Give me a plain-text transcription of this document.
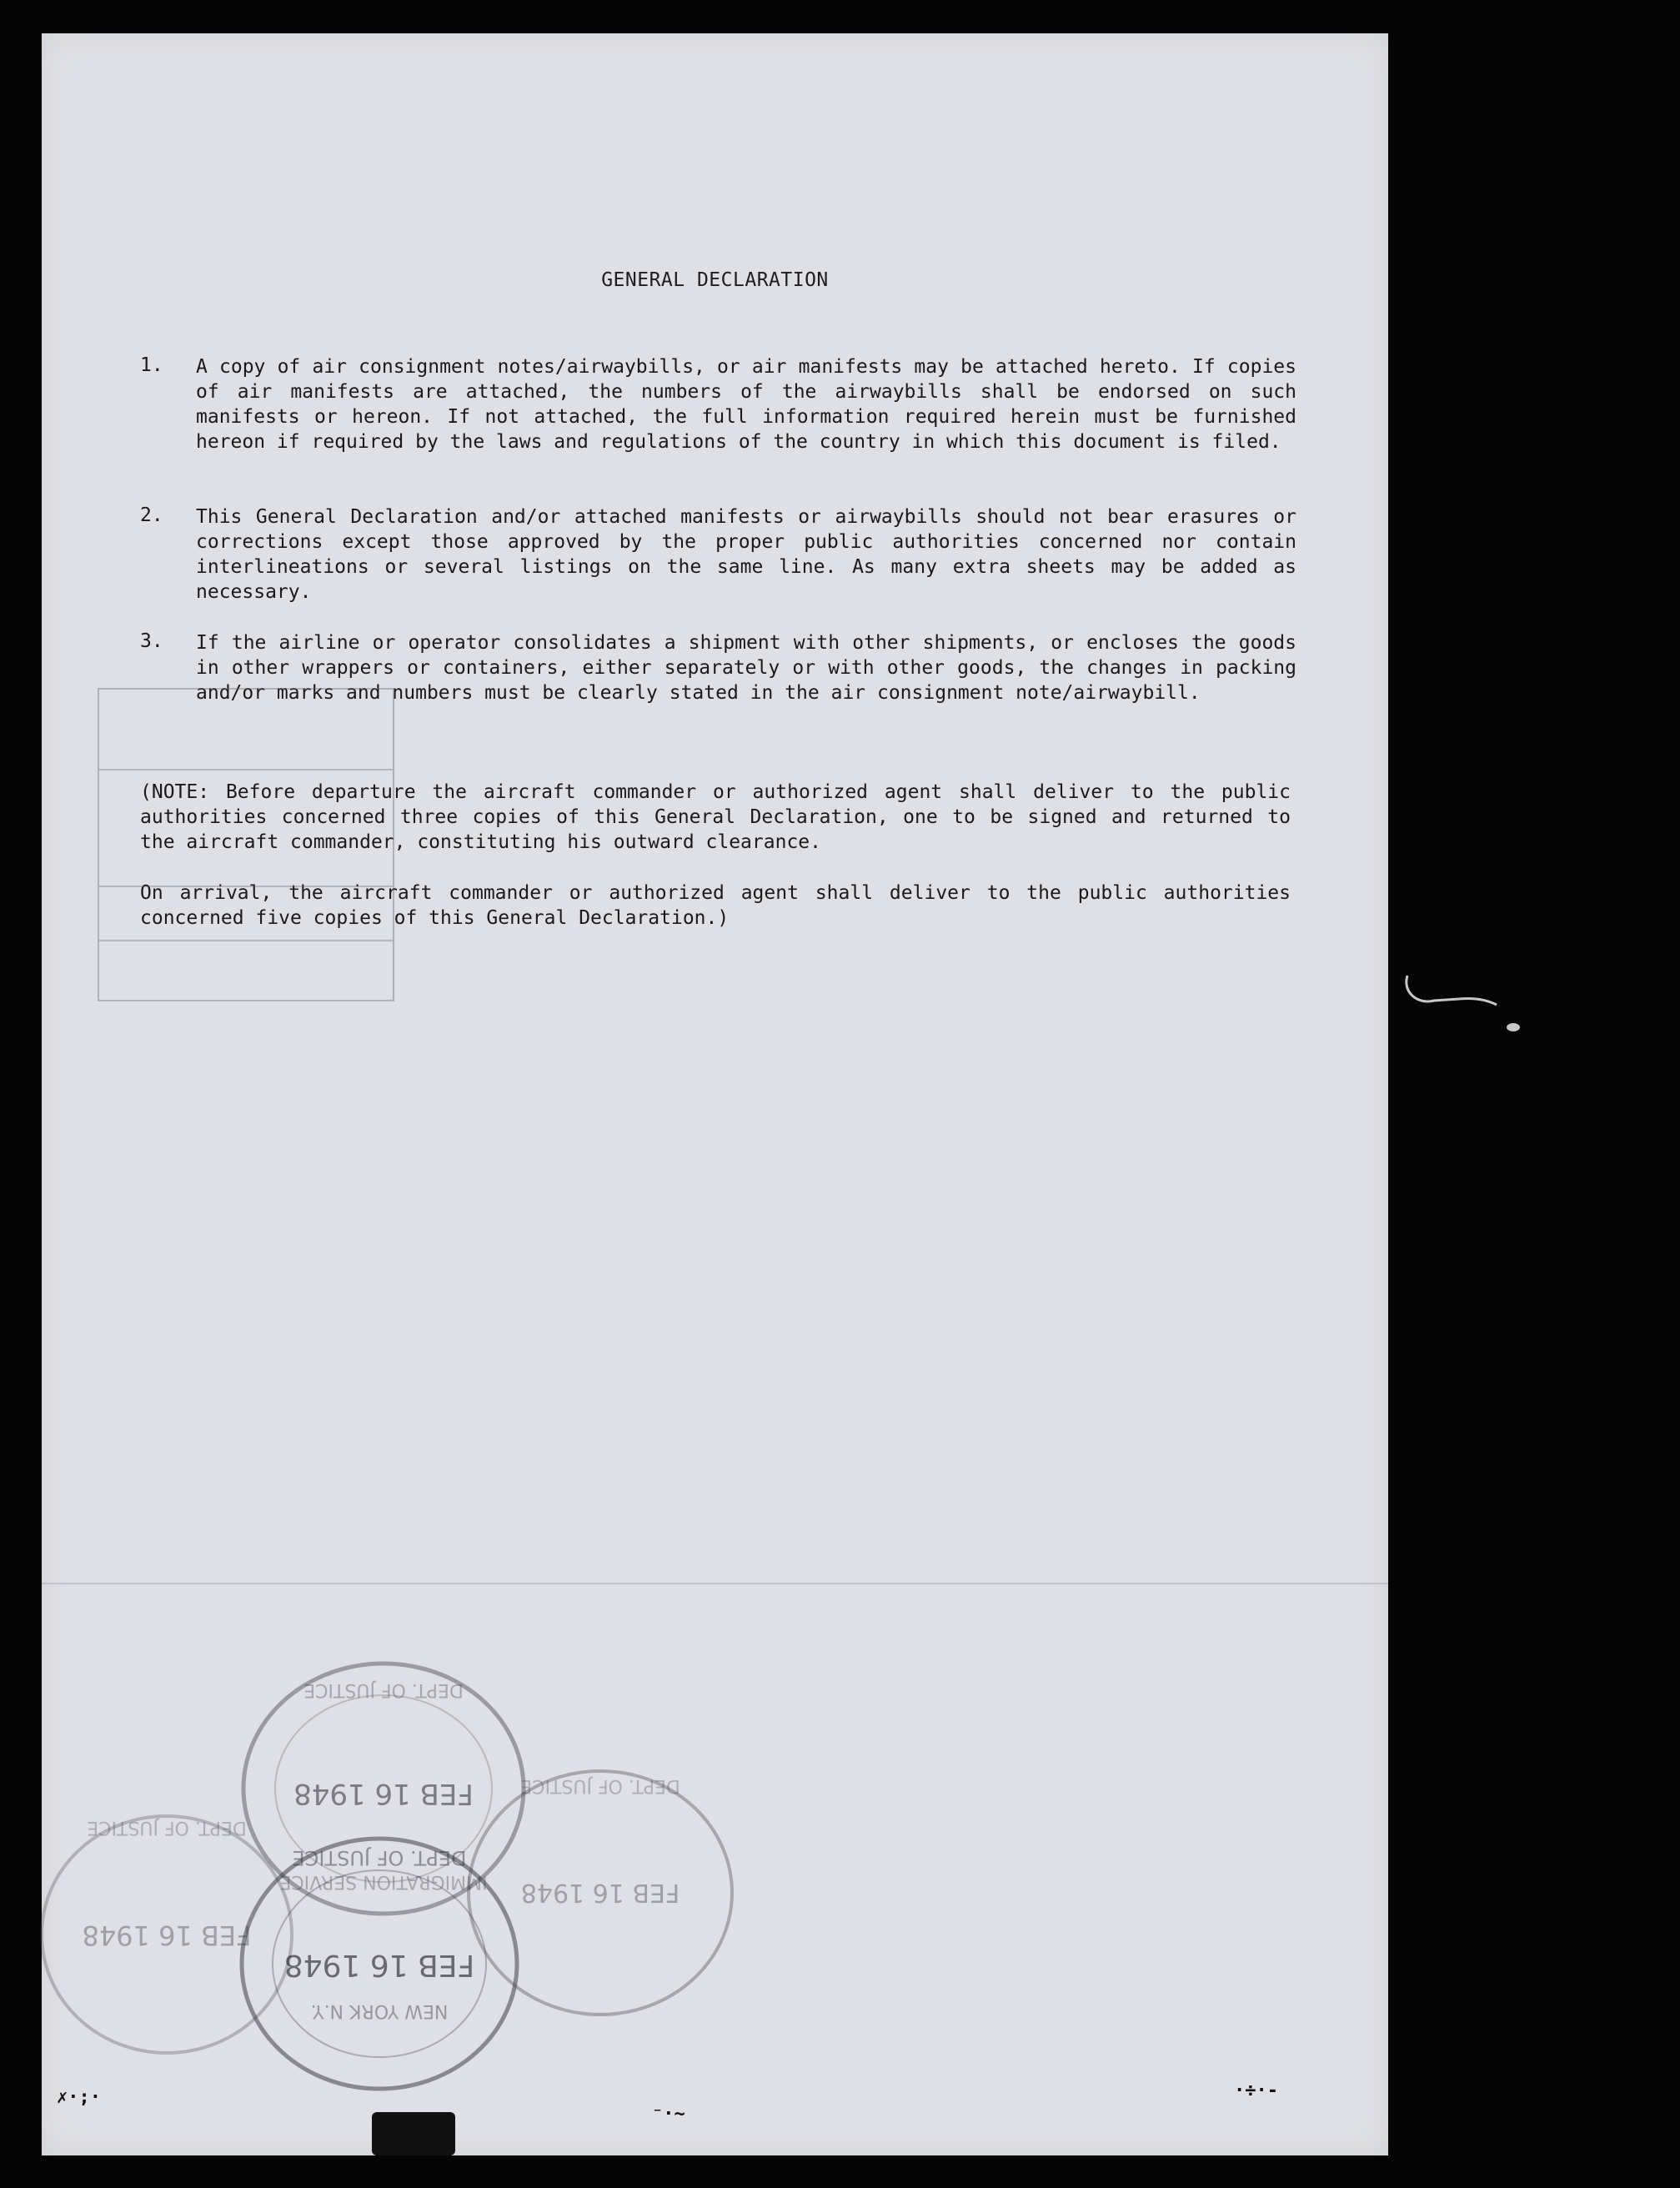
GENERAL DECLARATION
1. A copy of air consignment notes/airwaybills, or air manifests may be attached hereto. If copies of air manifests are attached, the numbers of the airwaybills shall be endorsed on such manifests or hereon. If not attached, the full information required herein must be furnished hereon if required by the laws and regulations of the country in which this document is filed.
2. This General Declaration and/or attached manifests or airwaybills should not bear erasures or corrections except those approved by the proper public authorities concerned nor contain interlineations or several listings on the same line. As many extra sheets may be added as necessary.
3. If the airline or operator consolidates a shipment with other shipments, or encloses the goods in other wrappers or containers, either separately or with other goods, the changes in packing and/or marks and numbers must be clearly stated in the air consignment note/airwaybill.
(NOTE: Before departure the aircraft commander or authorized agent shall deliver to the public authorities concerned three copies of this General Declaration, one to be signed and returned to the aircraft commander, constituting his outward clearance.
On arrival, the aircraft commander or authorized agent shall deliver to the public authorities concerned five copies of this General Declaration.)
FEB 16 1948
IMMIGRATION SERVICE
DEPT. OF JUSTICE
FEB 16 1948
DEPT. OF JUSTICE
FEB 16 1948
NEW YORK N.Y.
DEPT. OF JUSTICE
FEB 16 1948
DEPT. OF JUSTICE
✗·;·
⁻·~
·÷·-
